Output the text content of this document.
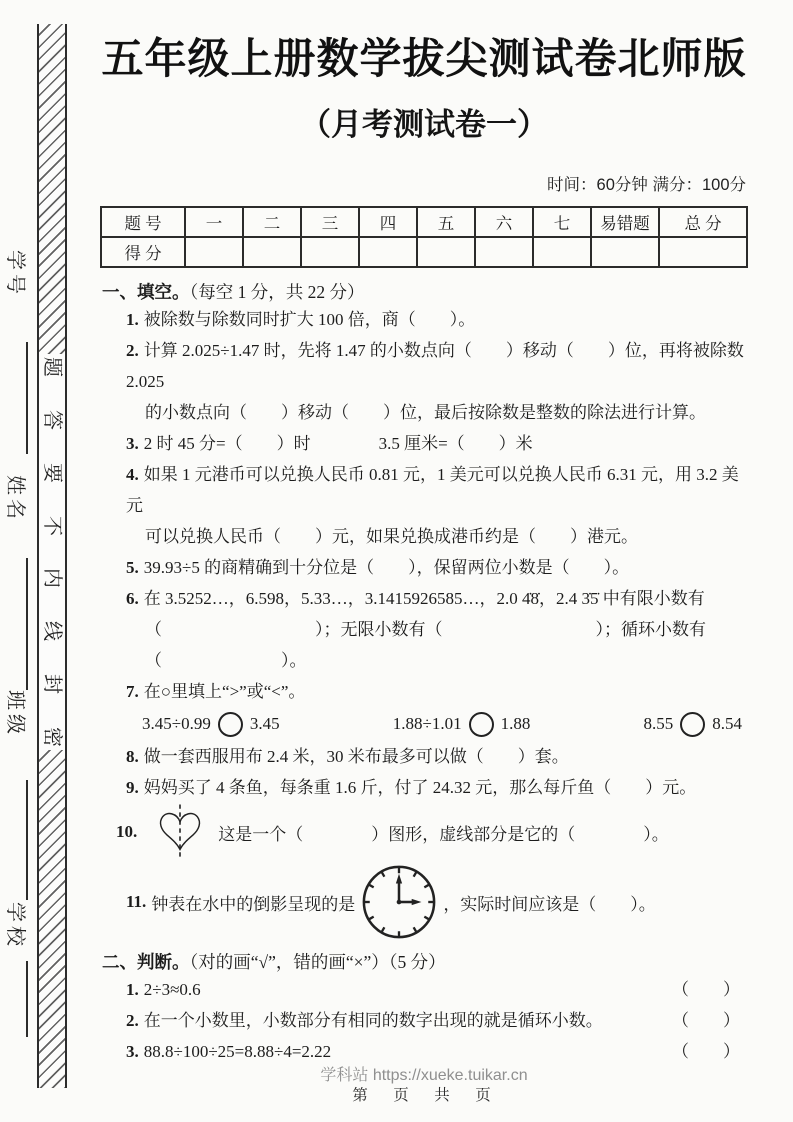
题
答
要
不
内
线
封
密
学号
姓名
班级
学校
五年级上册数学拔尖测试卷北师版
（月考测试卷一）
时间：60分钟 满分：100分
题 号	一	二	三	四	五	六	七	易错题	总 分
得 分									
一、填空。（每空 1 分，共 22 分）
1. 被除数与除数同时扩大 100 倍，商（　　）。
2. 计算 2.025÷1.47 时，先将 1.47 的小数点向（　　）移动（　　）位，再将被除数2.025
的小数点向（　　）移动（　　）位，最后按除数是整数的除法进行计算。
3. 2 时 45 分=（　　）时　　　　3.5 厘米=（　　）米
4. 如果 1 元港币可以兑换人民币 0.81 元，1 美元可以兑换人民币 6.31 元，用 3.2 美元
可以兑换人民币（　　）元，如果兑换成港币约是（　　）港元。
5. 39.93÷5 的商精确到十分位是（　　），保留两位小数是（　　）。
6. 在 3.5252…，6.598，5.33…，3.1415926585…，2.0 4̇8̇，2.4 3̇5̇ 中有限小数有
（　　　　　　　　　）；无限小数有（　　　　　　　　　）；循环小数有
（　　　　　　　）。
7. 在○里填上“>”或“<”。
3.45÷0.99 3.45	1.88÷1.01 1.88	8.55 8.54
8. 做一套西服用布 2.4 米，30 米布最多可以做（　　）套。
9. 妈妈买了 4 条鱼，每条重 1.6 斤，付了 24.32 元，那么每斤鱼（　　）元。
10.	这是一个（　　　　）图形，虚线部分是它的（　　　　）。
11. 钟表在水中的倒影呈现的是	，实际时间应该是（　　）。
二、判断。（对的画“√”，错的画“×”）（5 分）
1. 2÷3≈0.6	（　　）
2. 在一个小数里，小数部分有相同的数字出现的就是循环小数。	（　　）
3. 88.8÷100÷25=8.88÷4=2.22	（　　）
学科站 https://xueke.tuikar.cn
第　页　共　页
